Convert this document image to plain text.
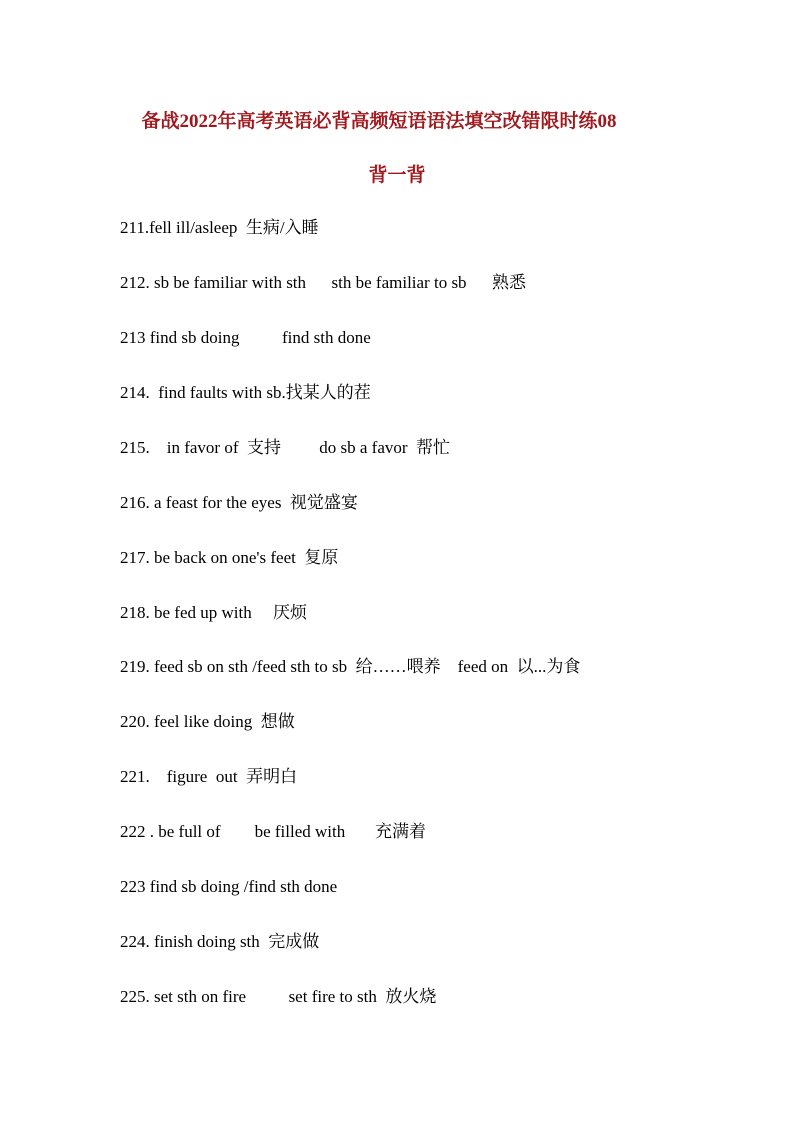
备战2022年高考英语必背高频短语语法填空改错限时练08
背一背
211.fell ill/asleep  生病/入睡
212. sb be familiar with sth      sth be familiar to sb      熟悉
213 find sb doing          find sth done
214.  find faults with sb.找某人的茬
215.    in favor of  支持         do sb a favor  帮忙
216. a feast for the eyes  视觉盛宴
217. be back on one's feet  复原
218. be fed up with     厌烦
219. feed sb on sth /feed sth to sb  给……喂养    feed on  以...为食
220. feel like doing  想做
221.    figure  out  弄明白
222 . be full of        be filled with       充满着
223 find sb doing /find sth done
224. finish doing sth  完成做
225. set sth on fire          set fire to sth  放火烧
